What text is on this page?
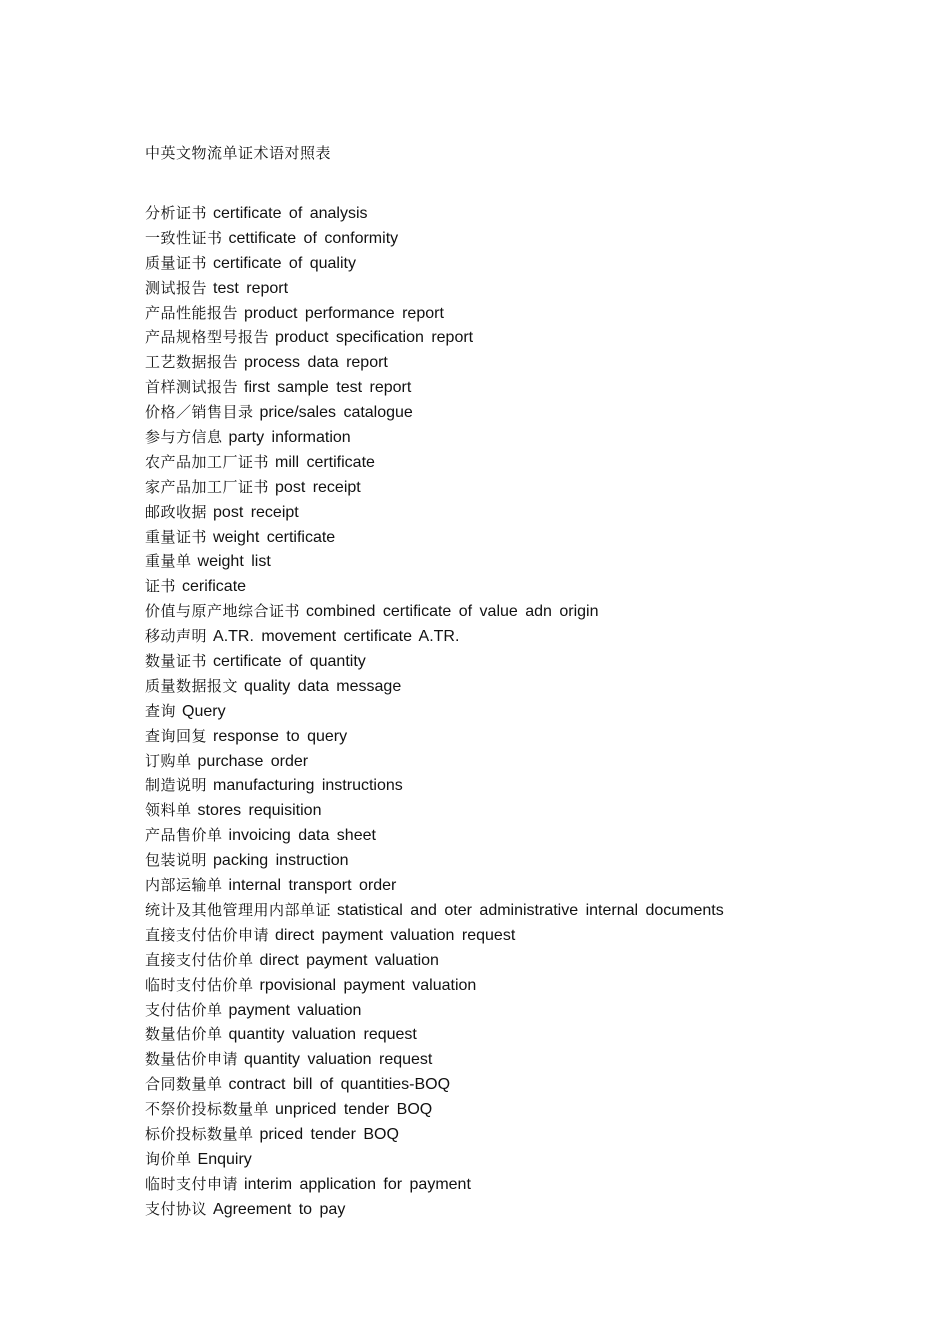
中英文物流单证术语对照表
分析证书 certificate of analysis
一致性证书 cettificate of conformity
质量证书 certificate of quality
测试报告 test report
产品性能报告 product performance report
产品规格型号报告 product specification report
工艺数据报告 process data report
首样测试报告 first sample test report
价格／销售目录 price/sales catalogue
参与方信息 party information
农产品加工厂证书 mill certificate
家产品加工厂证书 post receipt
邮政收据 post receipt
重量证书 weight certificate
重量单 weight list
证书 cerificate
价值与原产地综合证书 combined certificate of value adn origin
移动声明 A.TR. movement certificate A.TR.
数量证书 certificate of quantity
质量数据报文 quality data message
查询 Query
查询回复 response to query
订购单 purchase order
制造说明 manufacturing instructions
领料单 stores requisition
产品售价单 invoicing data sheet
包装说明 packing instruction
内部运输单 internal transport order
统计及其他管理用内部单证 statistical and oter administrative internal documents
直接支付估价申请 direct payment valuation request
直接支付估价单 direct payment valuation
临时支付估价单 rpovisional payment valuation
支付估价单 payment valuation
数量估价单 quantity valuation request
数量估价申请 quantity valuation request
合同数量单 contract bill of quantities-BOQ
不祭价投标数量单 unpriced tender BOQ
标价投标数量单 priced tender BOQ
询价单 Enquiry
临时支付申请 interim application for payment
支付协议 Agreement to pay
